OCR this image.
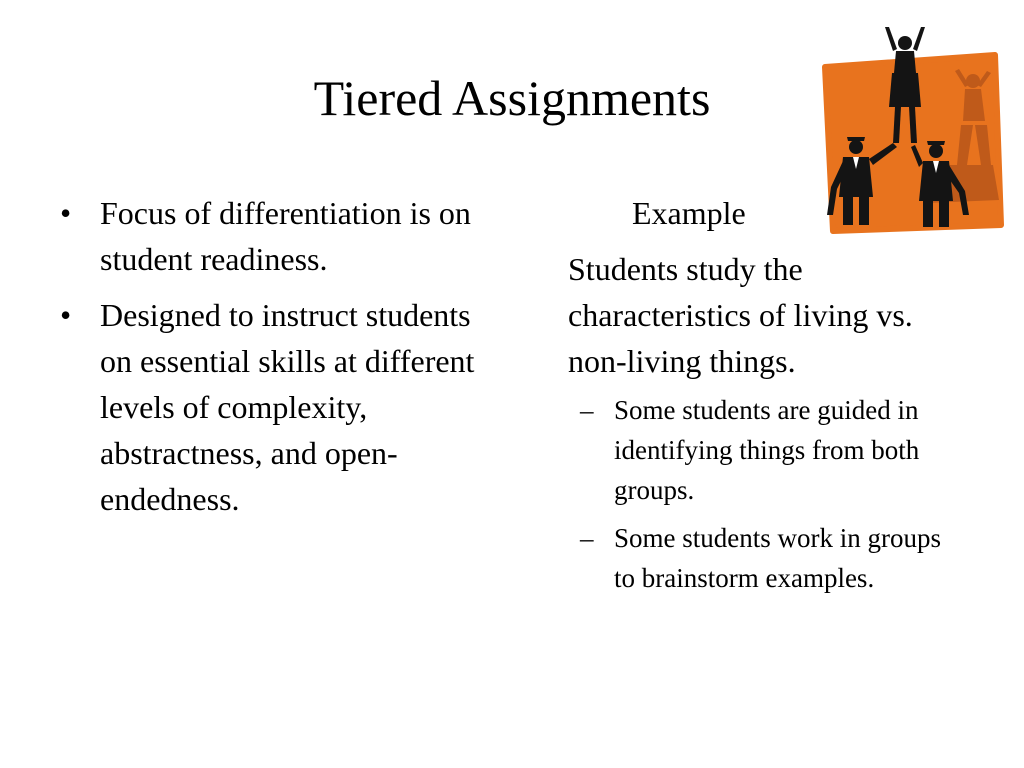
Tiered Assignments
• Focus of differentiation is on student readiness.
• Designed to instruct students on essential skills at different levels of complexity, abstractness, and open-endedness.

Example

Students study the characteristics of living vs. non-living things.

– Some students are guided in identifying things from both groups.
– Some students work in groups to brainstorm examples.
